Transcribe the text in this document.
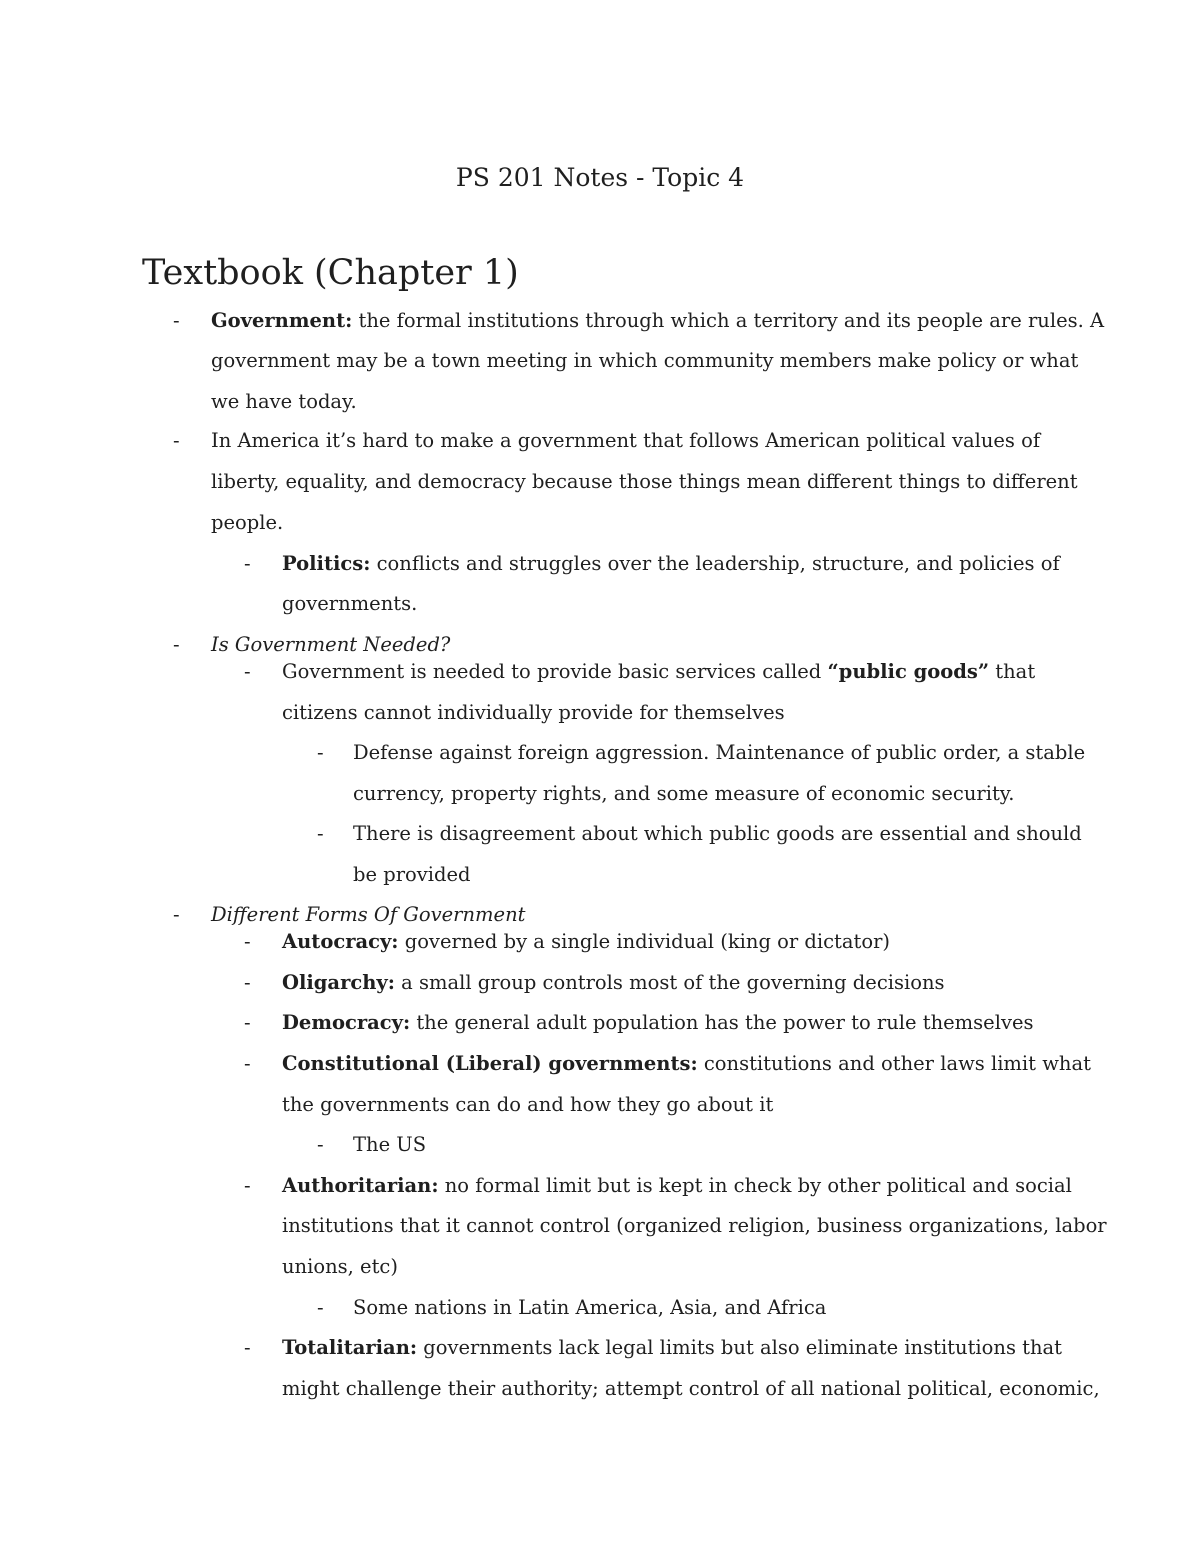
PS 201 Notes - Topic 4
Textbook (Chapter 1)
- Government: the formal institutions through which a territory and its people are rules. A
government may be a town meeting in which community members make policy or what
we have today.
- In America it’s hard to make a government that follows American political values of
liberty, equality, and democracy because those things mean different things to different
people.
- Politics: conflicts and struggles over the leadership, structure, and policies of
governments.
- Is Government Needed?
- Government is needed to provide basic services called “public goods” that
citizens cannot individually provide for themselves
- Defense against foreign aggression. Maintenance of public order, a stable
currency, property rights, and some measure of economic security.
- There is disagreement about which public goods are essential and should
be provided
- Different Forms Of Government
- Autocracy: governed by a single individual (king or dictator)
- Oligarchy: a small group controls most of the governing decisions
- Democracy: the general adult population has the power to rule themselves
- Constitutional (Liberal) governments: constitutions and other laws limit what
the governments can do and how they go about it
- The US
- Authoritarian: no formal limit but is kept in check by other political and social
institutions that it cannot control (organized religion, business organizations, labor
unions, etc)
- Some nations in Latin America, Asia, and Africa
- Totalitarian: governments lack legal limits but also eliminate institutions that
might challenge their authority; attempt control of all national political, economic,
